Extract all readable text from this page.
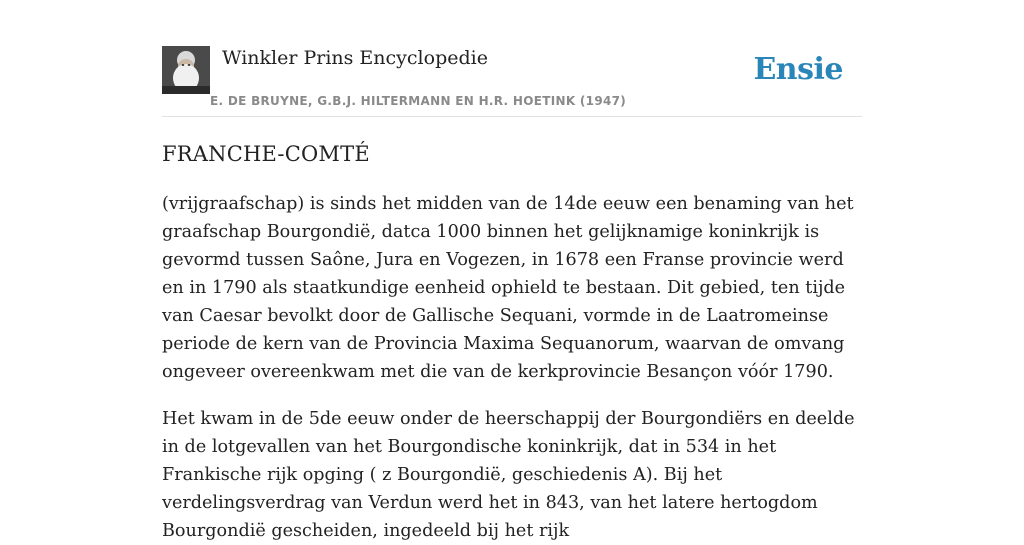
Winkler Prins Encyclopedie
E. DE BRUYNE, G.B.J. HILTERMANN EN H.R. HOETINK (1947)
Ensie
FRANCHE-COMTÉ

(vrijgraafschap) is sinds het midden van de 14de eeuw een benaming van het graafschap Bourgondië, datca 1000 binnen het gelijknamige koninkrijk is gevormd tussen Saône, Jura en Vogezen, in 1678 een Franse provincie werd en in 1790 als staatkundige eenheid ophield te bestaan. Dit gebied, ten tijde van Caesar bevolkt door de Gallische Sequani, vormde in de Laatromeinse periode de kern van de Provincia Maxima Sequanorum, waarvan de omvang ongeveer overeenkwam met die van de kerkprovincie Besançon vóór 1790.

Het kwam in de 5de eeuw onder de heerschappij der Bourgondiërs en deelde in de lotgevallen van het Bourgondische koninkrijk, dat in 534 in het Frankische rijk opging ( z Bourgondië, geschiedenis A). Bij het verdelingsverdrag van Verdun werd het in 843, van het latere hertogdom Bourgondië gescheiden, ingedeeld bij het rijk
